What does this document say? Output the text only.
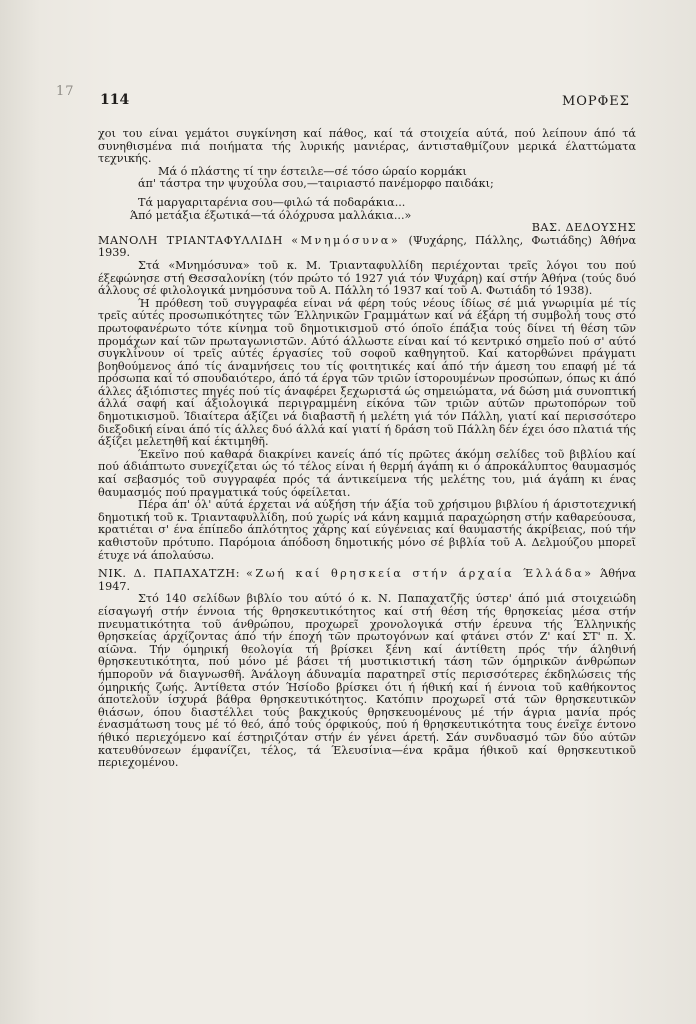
17
114	ΜΟΡΦΕΣ

χοι του είναι γεμάτοι συγκίνηση καί πάθος, καί τά στοιχεία αύτά, πού λείπουν άπό τά συνηθισμένα πιά ποιήματα τής λυρικής μανιέρας, άντισταθμίζουν μερικά έλαττώματα τεχνικής.

Μά ό πλάστης τί την έστειλε—σέ τόσο ώραίο κορμάκι

άπ' τάστρα την ψυχούλα σου,—ταιριαστό πανέμορφο παιδάκι;

Τά μαργαριταρένια σου—φιλώ τά ποδαράκια...

Άπό μετάξια έξωτικά—τά όλόχρυσα μαλλάκια...»

ΒΑΣ. ΔΕΔΟΥΣΗΣ

ΜΑΝΟΛΗ ΤΡΙΑΝΤΑΦΥΛΛΙΔΗ «Μνημόσυνα» (Ψυχάρης, Πάλλης, Φωτιάδης) Άθήνα 1939.

Στά «Μνημόσυνα» τοῦ κ. Μ. Τριανταφυλλίδη περιέχονται τρεῖς λόγοι του πού έξεφώνησε στή Θεσσαλονίκη (τόν πρώτο τό 1927 γιά τόν Ψυχάρη) καί στήν Άθήνα (τούς δυό άλλους σέ φιλολογικά μνημόσυνα τοῦ Α. Πάλλη τό 1937 καί τοῦ Α. Φωτιάδη τό 1938).

Ή πρόθεση τοῦ συγγραφέα είναι νά φέρη τούς νέους ίδίως σέ μιά γνωριμία μέ τίς τρεῖς αύτές προσωπικότητες τῶν Έλληνικῶν Γραμμάτων καί νά έξάρη τή συμβολή τους στό πρωτοφανέρωτο τότε κίνημα τοῦ δημοτικισμοῦ στό όποῖο έπάξια τούς δίνει τή θέση τῶν προμάχων καί τῶν πρωταγωνιστῶν. Αύτό άλλωστε είναι καί τό κεντρικό σημεῖο πού σ' αύτό συγκλίνουν οί τρεῖς αύτές έργασίες τοῦ σοφοῦ καθηγητοῦ. Καί κατορθώνει πράγματι βοηθούμενος άπό τίς άναμνήσεις του τίς φοιτητικές καί άπό τήν άμεση του επαφή μέ τά πρόσωπα καί τό σπουδαιότερο, άπό τά έργα τῶν τριῶν ίστορουμένων προσώπων, όπως κι άπό άλλες άξιόπιστες πηγές πού τίς άναφέρει ξεχωριστά ώς σημειώματα, νά δώση μιά συνοπτική άλλά σαφή καί άξιολογικά περιγραμμένη είκόνα τῶν τριῶν αύτῶν πρωτοπόρων τοῦ δημοτικισμοῦ. Ίδιαίτερα άξίζει νά διαβαστῆ ή μελέτη γιά τόν Πάλλη, γιατί καί περισσότερο διεξοδική είναι άπό τίς άλλες δυό άλλά καί γιατί ή δράση τοῦ Πάλλη δέν έχει όσο πλατιά τής άξίζει μελετηθῆ καί έκτιμηθῆ.

Έκεῖνο πού καθαρά διακρίνει κανείς άπό τίς πρῶτες άκόμη σελίδες τοῦ βιβλίου καί πού άδιάπτωτο συνεχίζεται ώς τό τέλος είναι ή θερμή άγάπη κι ό άπροκάλυπτος θαυμασμός καί σεβασμός τοῦ συγγραφέα πρός τά άντικείμενα τής μελέτης του, μιά άγάπη κι ένας θαυμασμός πού πραγματικά τούς όφείλεται.

Πέρα άπ' όλ' αύτά έρχεται νά αύξήση τήν άξία τοῦ χρήσιμου βιβλίου ή άριστοτεχνική δημοτική τοῦ κ. Τριανταφυλλίδη, πού χωρίς νά κάνη καμμιά παραχώρηση στήν καθαρεύουσα, κρατιέται σ' ένα έπίπεδο άπλότητος χάρης καί εύγένειας καί θαυμαστής άκρίβειας, πού τήν καθιστοῦν πρότυπο. Παρόμοια άπόδοση δημοτικής μόνο σέ βιβλία τοῦ Α. Δελμούζου μπορεῖ έτυχε νά άπολαύσω.

ΝΙΚ. Δ. ΠΑΠΑΧΑΤΖΗ: «Ζωή καί θρησκεία στήν άρχαία Έλλάδα» Άθήνα 1947.

Στό 140 σελίδων βιβλίο του αύτό ό κ. Ν. Παπαχατζῆς ύστερ' άπό μιά στοιχειώδη είσαγωγή στήν έννοια τής θρησκευτικότητος καί στή θέση τής θρησκείας μέσα στήν πνευματικότητα τοῦ άνθρώπου, προχωρεῖ χρονολογικά στήν έρευνα τής Έλληνικής θρησκείας άρχίζοντας άπό τήν έποχή τῶν πρωτογόνων καί φτάνει στόν Ζ' καί ΣΤ' π. Χ. αίῶνα. Τήν όμηρική θεολογία τή βρίσκει ξένη καί άντίθετη πρός τήν άληθινή θρησκευτικότητα, πού μόνο μέ βάσει τή μυστικιστική τάση τῶν όμηρικῶν άνθρώπων ήμποροῦν νά διαγνωσθῆ. Άνάλογη άδυναμία παρατηρεῖ στίς περισσότερες έκδηλώσεις τής όμηρικής ζωής. Άντίθετα στόν Ήσίοδο βρίσκει ότι ή ήθική καί ή έννοια τοῦ καθήκοντος άποτελοῦν ίσχυρά βάθρα θρησκευτικότητος. Κατόπιν προχωρεῖ στά τῶν θρησκευτικῶν θιάσων, όπου διαστέλλει τούς βακχικούς θρησκευομένους μέ τήν άγρια μανία πρός ένασμάτωση τους μέ τό θεό, άπό τούς όρφικούς, πού ή θρησκευτικότητα τους ένεῖχε έντονο ήθικό περιεχόμενο καί έστηριζόταν στήν έν γένει άρετή. Σάν συνδυασμό τῶν δύο αύτῶν κατευθύνσεων έμφανίζει, τέλος, τά Έλευσίνια—ένα κρᾶμα ήθικοῦ καί θρησκευτικοῦ περιεχομένου.
